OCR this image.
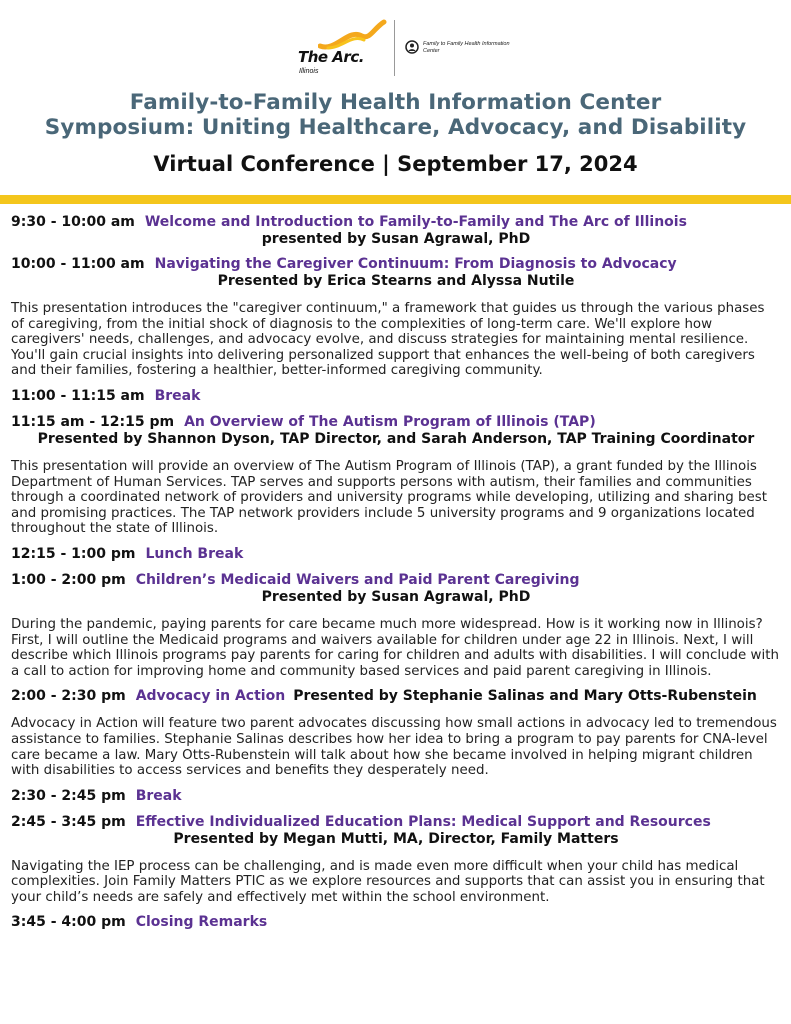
The Arc.
Illinois
Family to Family Health Information Center
Family-to-Family Health Information Center
Symposium: Uniting Healthcare, Advocacy, and Disability
Virtual Conference | September 17, 2024
9:30 - 10:00 am Welcome and Introduction to Family-to-Family and The Arc of Illinois
presented by Susan Agrawal, PhD
10:00 - 11:00 am Navigating the Caregiver Continuum: From Diagnosis to Advocacy
Presented by Erica Stearns and Alyssa Nutile
This presentation introduces the "caregiver continuum," a framework that guides us through the various phases of caregiving, from the initial shock of diagnosis to the complexities of long-term care. We'll explore how caregivers' needs, challenges, and advocacy evolve, and discuss strategies for maintaining mental resilience. You'll gain crucial insights into delivering personalized support that enhances the well-being of both caregivers and their families, fostering a healthier, better-informed caregiving community.
11:00 - 11:15 am Break
11:15 am - 12:15 pm An Overview of The Autism Program of Illinois (TAP)
Presented by Shannon Dyson, TAP Director, and Sarah Anderson, TAP Training Coordinator
This presentation will provide an overview of The Autism Program of Illinois (TAP), a grant funded by the Illinois Department of Human Services. TAP serves and supports persons with autism, their families and communities through a coordinated network of providers and university programs while developing, utilizing and sharing best and promising practices. The TAP network providers include 5 university programs and 9 organizations located throughout the state of Illinois.
12:15 - 1:00 pm Lunch Break
1:00 - 2:00 pm Children’s Medicaid Waivers and Paid Parent Caregiving
Presented by Susan Agrawal, PhD
During the pandemic, paying parents for care became much more widespread. How is it working now in Illinois? First, I will outline the Medicaid programs and waivers available for children under age 22 in Illinois. Next, I will describe which Illinois programs pay parents for caring for children and adults with disabilities. I will conclude with a call to action for improving home and community based services and paid parent caregiving in Illinois.
2:00 - 2:30 pm Advocacy in Action Presented by Stephanie Salinas and Mary Otts-Rubenstein
Advocacy in Action will feature two parent advocates discussing how small actions in advocacy led to tremendous assistance to families. Stephanie Salinas describes how her idea to bring a program to pay parents for CNA-level care became a law. Mary Otts-Rubenstein will talk about how she became involved in helping migrant children with disabilities to access services and benefits they desperately need.
2:30 - 2:45 pm Break
2:45 - 3:45 pm Effective Individualized Education Plans: Medical Support and Resources
Presented by Megan Mutti, MA, Director, Family Matters
Navigating the IEP process can be challenging, and is made even more difficult when your child has medical complexities. Join Family Matters PTIC as we explore resources and supports that can assist you in ensuring that your child’s needs are safely and effectively met within the school environment.
3:45 - 4:00 pm Closing Remarks
